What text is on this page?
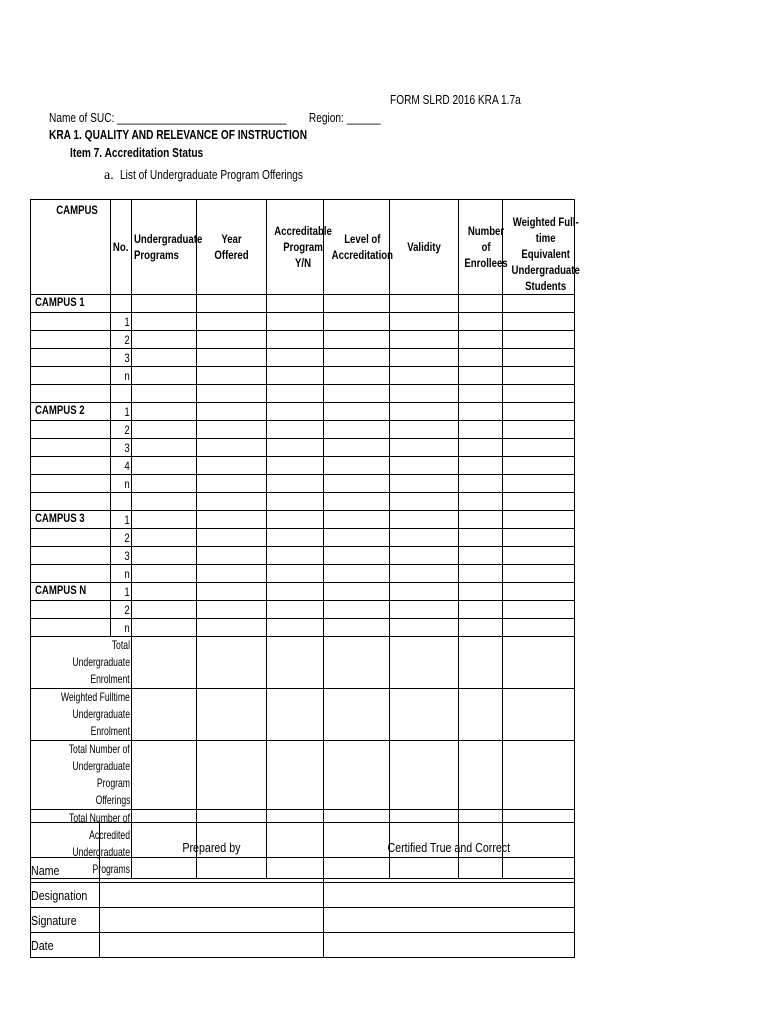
FORM SLRD 2016 KRA 1.7a
Name of SUC: ______________________________ Region: ______
KRA 1. QUALITY AND RELEVANCE OF INSTRUCTION
Item 7. Accreditation Status
a. List of Undergraduate Program Offerings
CAMPUS	No.	Undergraduate Programs	Year Offered	Accreditable Program Y/N	Level of Accreditation	Validity	Number of Enrollees	Weighted Full-time Equivalent Undergraduate Students
CAMPUS 1								
	1							
	2							
	3							
	n							

CAMPUS 2	1							
	2							
	3							
	4							
	n							

CAMPUS 3	1							
	2							
	3							
	n							
CAMPUS N	1							
	2							
	n							
Total Undergraduate
Enrolment								
Weighted Fulltime
Undergraduate Enrolment								
Total Number of
Undergraduate Program
Offerings								
Total Number of Accredited
Undergraduate Programs								
	Prepared by	Certified True and Correct
Name		
Designation		
Signature		
Date		
